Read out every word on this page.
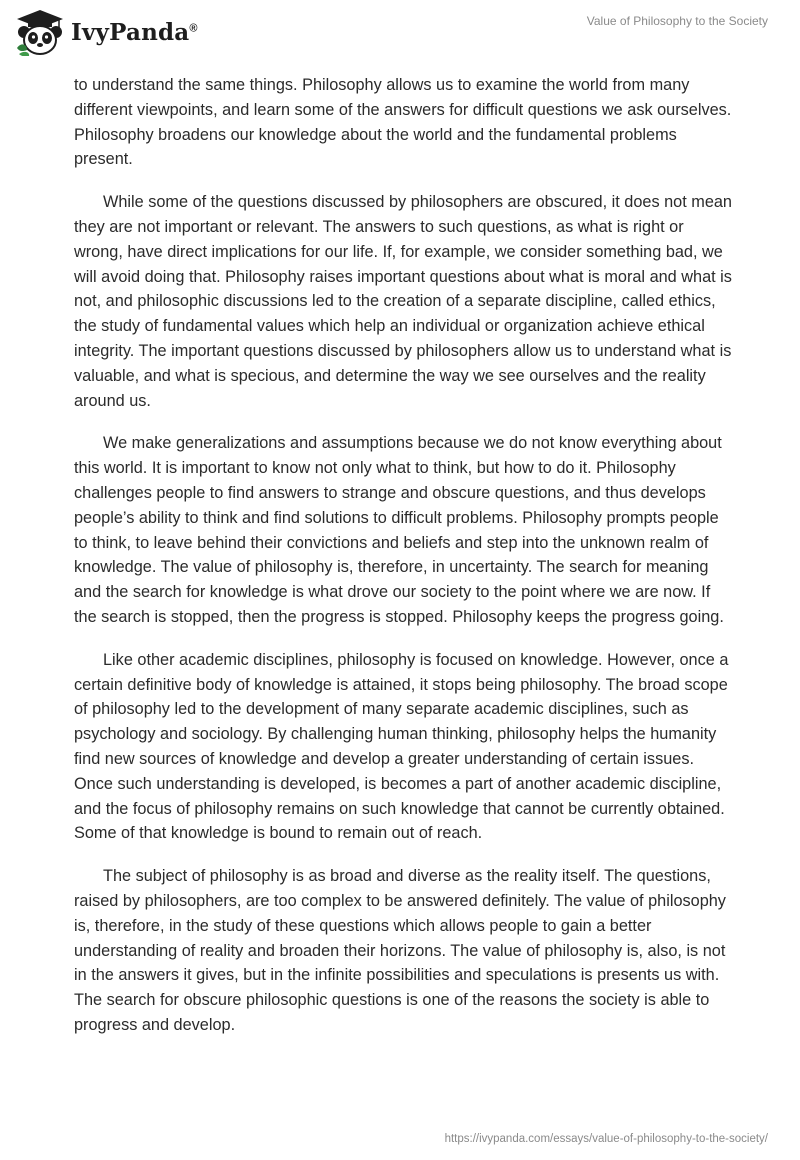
IvyPanda®	Value of Philosophy to the Society

to understand the same things. Philosophy allows us to examine the world from many different viewpoints, and learn some of the answers for difficult questions we ask ourselves. Philosophy broadens our knowledge about the world and the fundamental problems present.

While some of the questions discussed by philosophers are obscured, it does not mean they are not important or relevant. The answers to such questions, as what is right or wrong, have direct implications for our life. If, for example, we consider something bad, we will avoid doing that. Philosophy raises important questions about what is moral and what is not, and philosophic discussions led to the creation of a separate discipline, called ethics, the study of fundamental values which help an individual or organization achieve ethical integrity. The important questions discussed by philosophers allow us to understand what is valuable, and what is specious, and determine the way we see ourselves and the reality around us.

We make generalizations and assumptions because we do not know everything about this world. It is important to know not only what to think, but how to do it. Philosophy challenges people to find answers to strange and obscure questions, and thus develops people’s ability to think and find solutions to difficult problems. Philosophy prompts people to think, to leave behind their convictions and beliefs and step into the unknown realm of knowledge. The value of philosophy is, therefore, in uncertainty. The search for meaning and the search for knowledge is what drove our society to the point where we are now. If the search is stopped, then the progress is stopped. Philosophy keeps the progress going.

Like other academic disciplines, philosophy is focused on knowledge. However, once a certain definitive body of knowledge is attained, it stops being philosophy. The broad scope of philosophy led to the development of many separate academic disciplines, such as psychology and sociology. By challenging human thinking, philosophy helps the humanity find new sources of knowledge and develop a greater understanding of certain issues. Once such understanding is developed, is becomes a part of another academic discipline, and the focus of philosophy remains on such knowledge that cannot be currently obtained. Some of that knowledge is bound to remain out of reach.

The subject of philosophy is as broad and diverse as the reality itself. The questions, raised by philosophers, are too complex to be answered definitely. The value of philosophy is, therefore, in the study of these questions which allows people to gain a better understanding of reality and broaden their horizons. The value of philosophy is, also, is not in the answers it gives, but in the infinite possibilities and speculations is presents us with. The search for obscure philosophic questions is one of the reasons the society is able to progress and develop.

https://ivypanda.com/essays/value-of-philosophy-to-the-society/
